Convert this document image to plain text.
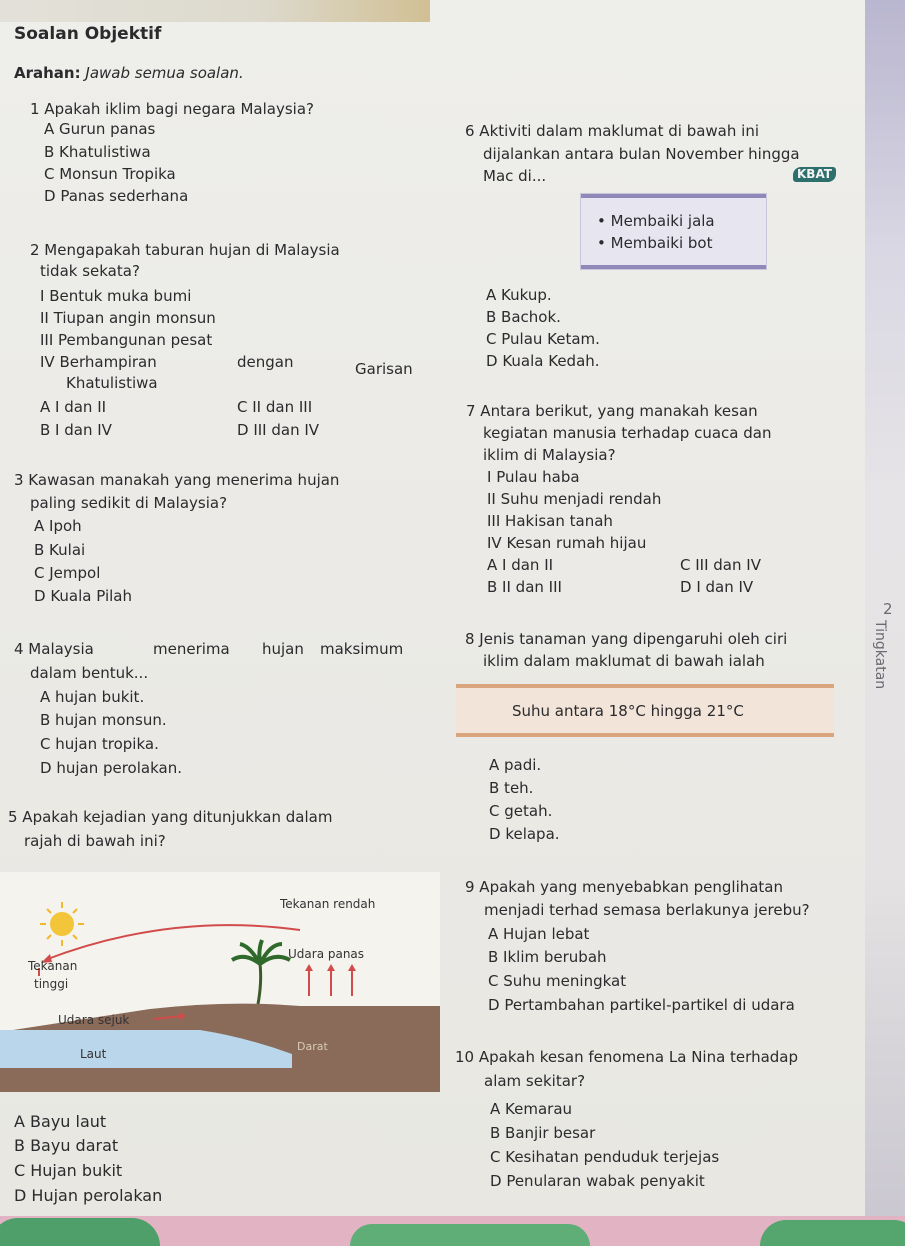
Tingkatan
Soalan Objektif
Arahan: Jawab semua soalan.
1 Apakah iklim bagi negara Malaysia?
A Gurun panas
B Khatulistiwa
C Monsun Tropika
D Panas sederhana
2 Mengapakah taburan hujan di Malaysia
tidak sekata?
I Bentuk muka bumi
II Tiupan angin monsun
III Pembangunan pesat
IV Berhampiran	dengan	Garisan
Khatulistiwa
A I dan II	C II dan III
B I dan IV	D III dan IV
3 Kawasan manakah yang menerima hujan
paling sedikit di Malaysia?
A Ipoh
B Kulai
C Jempol
D Kuala Pilah
4 Malaysia	menerima hujan maksimum
dalam bentuk...
A hujan bukit.
B hujan monsun.
C hujan tropika.
D hujan perolakan.
5 Apakah kejadian yang ditunjukkan dalam
rajah di bawah ini?
Tekanan rendah
Udara panas
Tekanan
tinggi
Udara sejuk
Laut
Darat
A Bayu laut
B Bayu darat
C Hujan bukit
D Hujan perolakan
6 Aktiviti dalam maklumat di bawah ini
dijalankan antara bulan November hingga
Mac di...	KBAT
• Membaiki jala
• Membaiki bot
A Kukup.
B Bachok.
C Pulau Ketam.
D Kuala Kedah.
7 Antara berikut, yang manakah kesan
kegiatan manusia terhadap cuaca dan
iklim di Malaysia?
I Pulau haba
II Suhu menjadi rendah
III Hakisan tanah
IV Kesan rumah hijau
A I dan II	C III dan IV
B II dan III	D I dan IV
8 Jenis tanaman yang dipengaruhi oleh ciri
iklim dalam maklumat di bawah ialah
Suhu antara 18°C hingga 21°C
A padi.
B teh.
C getah.
D kelapa.
9 Apakah yang menyebabkan penglihatan
menjadi terhad semasa berlakunya jerebu?
A Hujan lebat
B Iklim berubah
C Suhu meningkat
D Pertambahan partikel-partikel di udara
10 Apakah kesan fenomena La Nina terhadap
alam sekitar?
A Kemarau
B Banjir besar
C Kesihatan penduduk terjejas
D Penularan wabak penyakit
2
